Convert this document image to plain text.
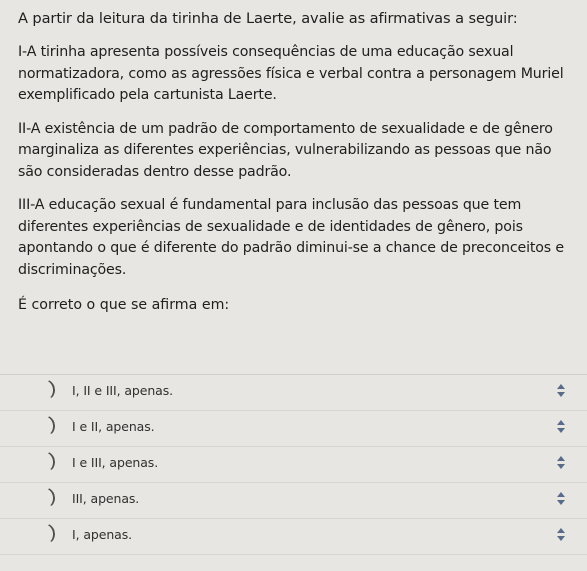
A partir da leitura da tirinha de Laerte, avalie as afirmativas a seguir:

I-A tirinha apresenta possíveis consequências de uma educação sexual normatizadora, como as agressões física e verbal contra a personagem Muriel exemplificado pela cartunista Laerte.

II-A existência de um padrão de comportamento de sexualidade e de gênero marginaliza as diferentes experiências, vulnerabilizando as pessoas que não são consideradas dentro desse padrão.

III-A educação sexual é fundamental para inclusão das pessoas que tem diferentes experiências de sexualidade e de identidades de gênero, pois apontando o que é diferente do padrão diminui-se a chance de preconceitos e discriminações.

É correto o que se afirma em:

I, II e III, apenas.
I e II, apenas.
I e III, apenas.
III, apenas.
I, apenas.
